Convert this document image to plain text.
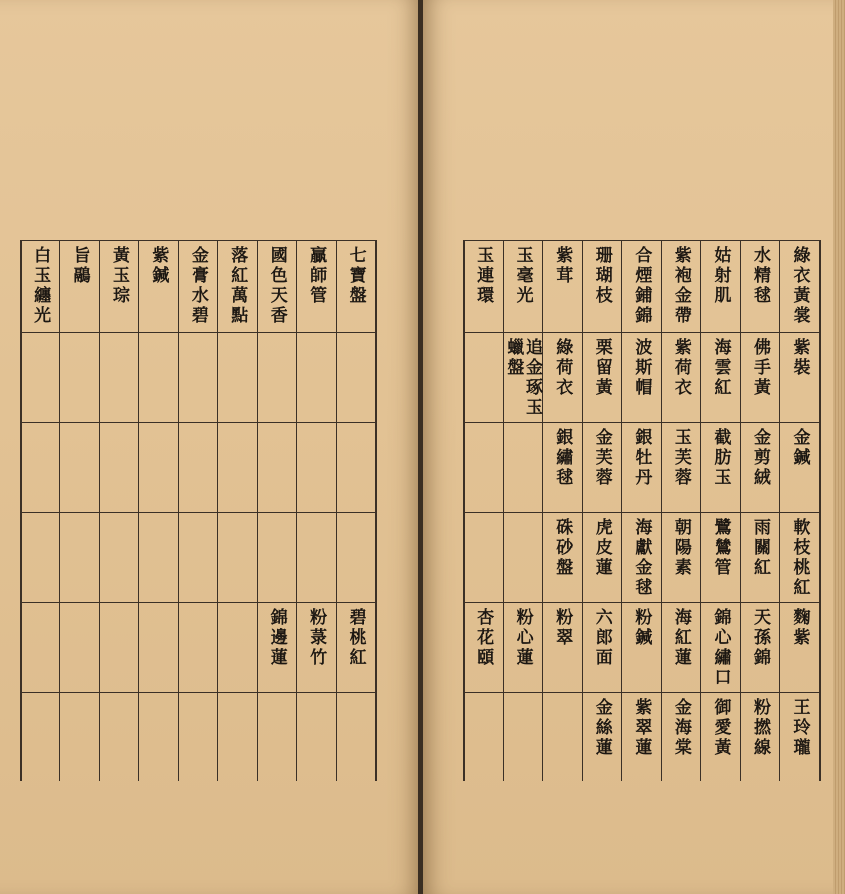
七寶盤
碧桃紅
贏師管
粉菉竹
國色天香
錦邊蓮
落紅萬點
金膏水碧
紫鍼
黃玉琮
旨鷊
白玉纏光	綠衣黃裳
紫裝
金鍼
軟枝桃紅
麴紫
王玲瓏
水精毬
佛手黃
金剪絨
雨關紅
天孫錦
粉撚線
姑射肌
海雲紅
截肪玉
鷺鷥管
錦心繡口
御愛黃
紫袍金帶
紫荷衣
玉芙蓉
朝陽素
海紅蓮
金海棠
合煙鋪錦
波斯帽
銀牡丹
海獻金毬
粉鍼
紫翠蓮
珊瑚枝
栗留黃
金芙蓉
虎皮蓮
六郎面
金絲蓮
紫茸
綠荷衣
銀繡毬
硃砂盤
粉翠
玉毫光
追金琢玉蠟盤
粉心蓮
玉連環
杏花頤
